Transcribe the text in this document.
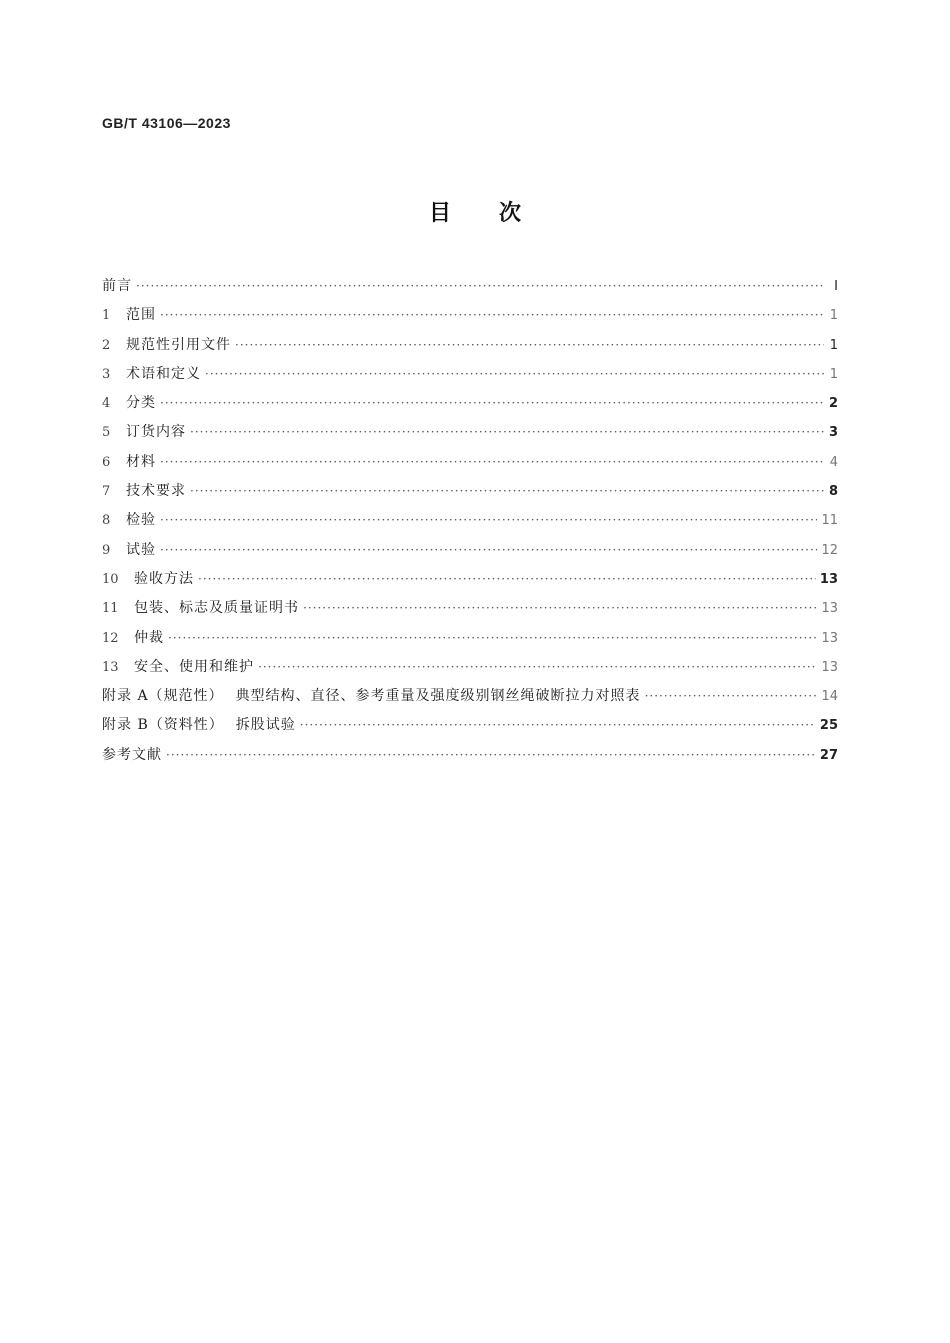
GB/T 43106—2023
目次
前言 ·····	Ⅰ
1	范围 ·····	1
2	规范性引用文件 ·····	1
3	术语和定义 ·····	1
4	分类 ·····	2
5	订货内容 ·····	3
6	材料 ·····	4
7	技术要求 ·····	8
8	检验 ·····	11
9	试验 ·····	12
10	验收方法 ·····	13
11	包装、标志及质量证明书 ·····	13
12	仲裁 ·····	13
13	安全、使用和维护 ·····	13
附录 A（规范性） 典型结构、直径、参考重量及强度级别钢丝绳破断拉力对照表 ·····	14
附录 B（资料性） 拆股试验 ·····	25
参考文献 ·····	27
